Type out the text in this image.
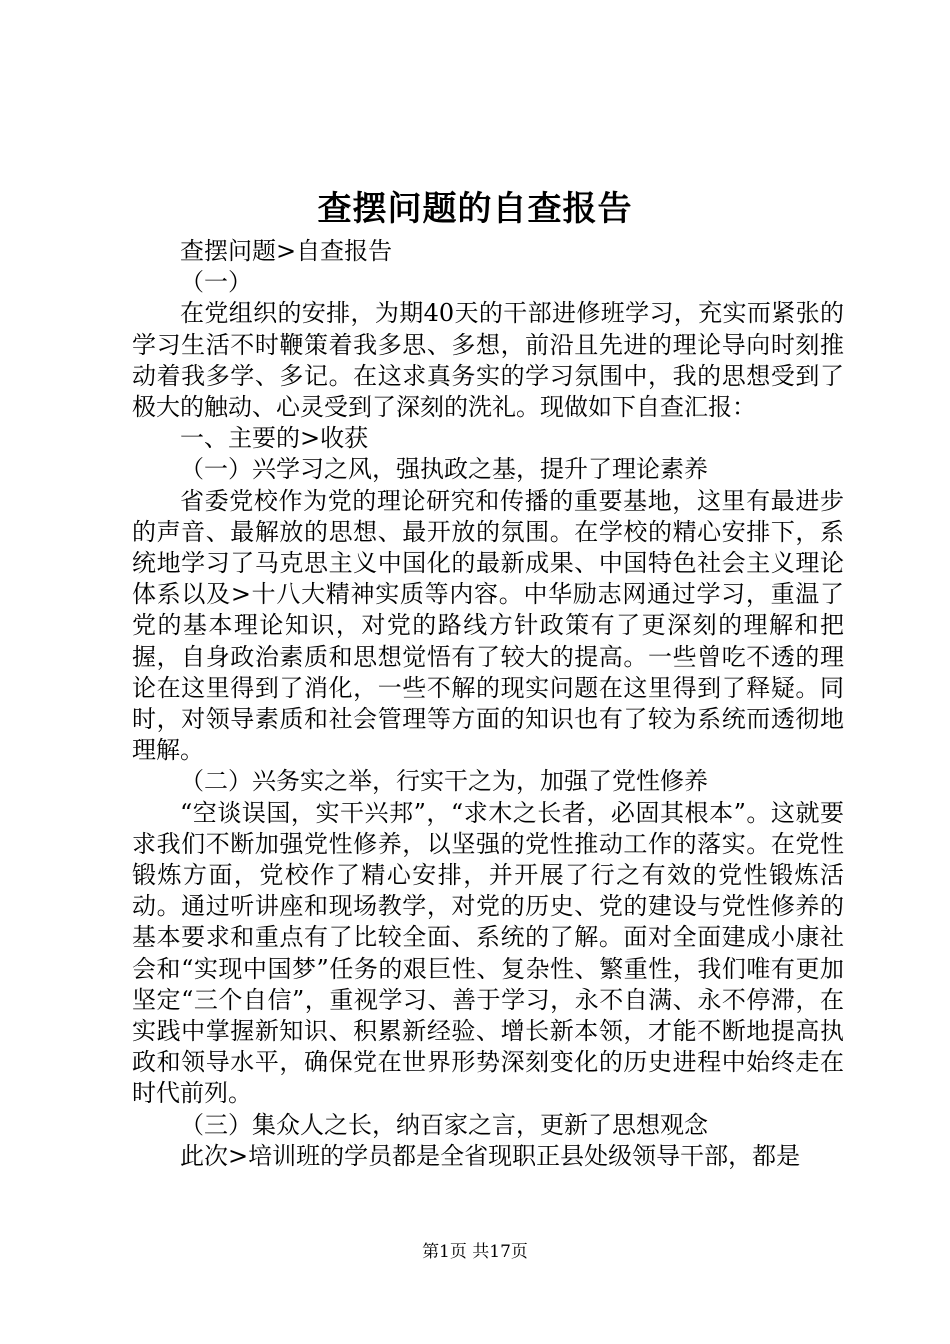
查摆问题的自查报告

查摆问题>自查报告

（一）

在党组织的安排，为期40天的干部进修班学习，充实而紧张的学习生活不时鞭策着我多思、多想，前沿且先进的理论导向时刻推动着我多学、多记。在这求真务实的学习氛围中，我的思想受到了极大的触动、心灵受到了深刻的洗礼。现做如下自查汇报：

一、主要的>收获

（一）兴学习之风，强执政之基，提升了理论素养

省委党校作为党的理论研究和传播的重要基地，这里有最进步的声音、最解放的思想、最开放的氛围。在学校的精心安排下，系统地学习了马克思主义中国化的最新成果、中国特色社会主义理论体系以及>十八大精神实质等内容。中华励志网通过学习，重温了党的基本理论知识，对党的路线方针政策有了更深刻的理解和把握，自身政治素质和思想觉悟有了较大的提高。一些曾吃不透的理论在这里得到了消化，一些不解的现实问题在这里得到了释疑。同时，对领导素质和社会管理等方面的知识也有了较为系统而透彻地理解。

（二）兴务实之举，行实干之为，加强了党性修养

“空谈误国，实干兴邦”，“求木之长者，必固其根本”。这就要求我们不断加强党性修养，以坚强的党性推动工作的落实。在党性锻炼方面，党校作了精心安排，并开展了行之有效的党性锻炼活动。通过听讲座和现场教学，对党的历史、党的建设与党性修养的基本要求和重点有了比较全面、系统的了解。面对全面建成小康社会和“实现中国梦”任务的艰巨性、复杂性、繁重性，我们唯有更加坚定“三个自信”，重视学习、善于学习，永不自满、永不停滞，在实践中掌握新知识、积累新经验、增长新本领，才能不断地提高执政和领导水平，确保党在世界形势深刻变化的历史进程中始终走在时代前列。

（三）集众人之长，纳百家之言，更新了思想观念

此次>培训班的学员都是全省现职正县处级领导干部，都是

第1页 共17页
